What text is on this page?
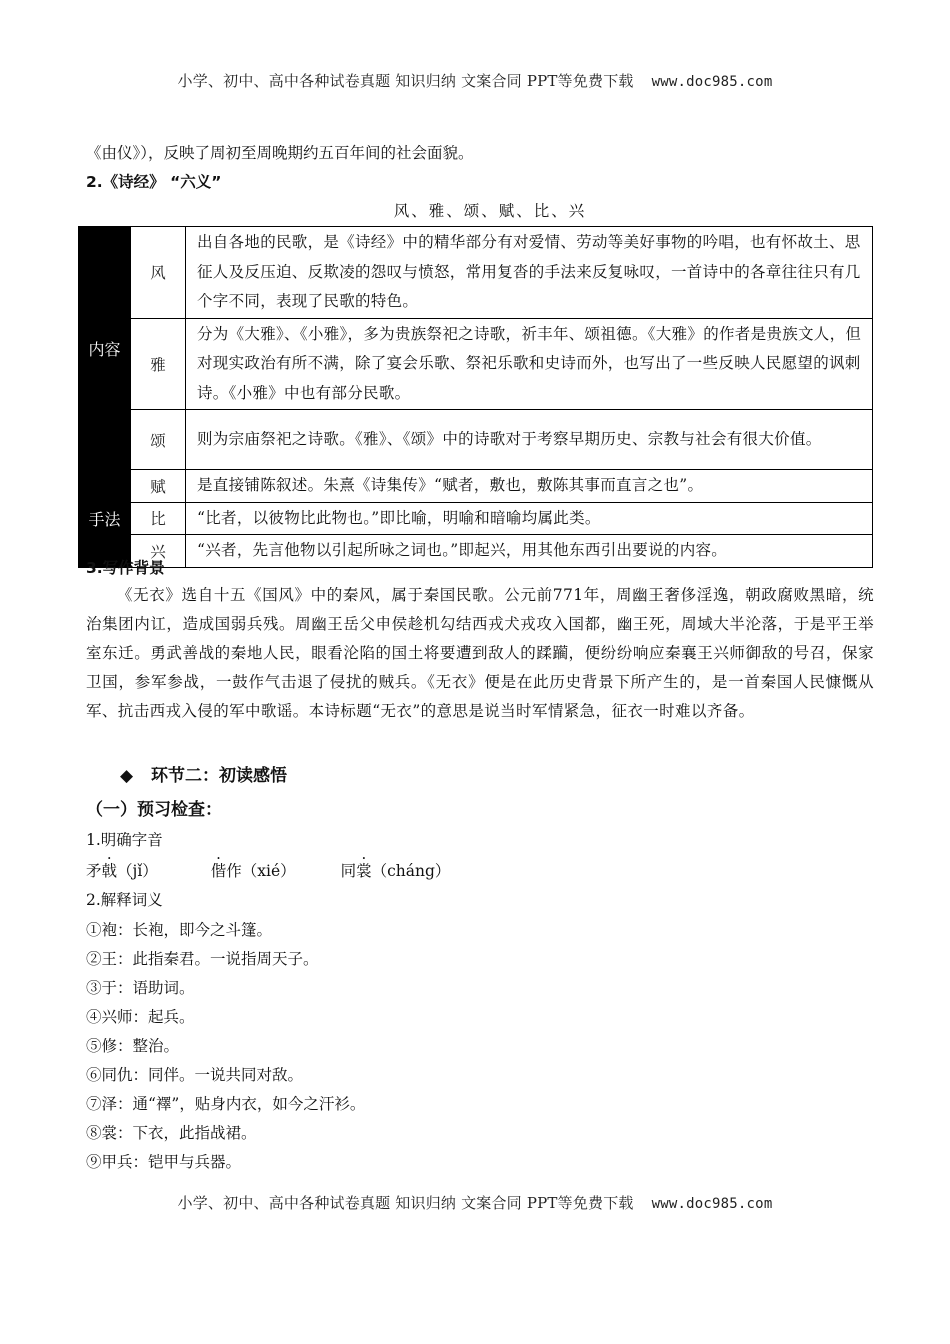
小学、初中、高中各种试卷真题 知识归纳 文案合同 PPT等免费下载 www.doc985.com
《由仪》），反映了周初至周晚期约五百年间的社会面貌。
2.《诗经》 “六义”
风、雅、颂、赋、比、兴
内容	风	出自各地的民歌，是《诗经》中的精华部分有对爱情、劳动等美好事物的吟唱，也有怀故土、思征人及反压迫、反欺凌的怨叹与愤怒，常用复沓的手法来反复咏叹，一首诗中的各章往往只有几个字不同，表现了民歌的特色。
	雅	分为《大雅》、《小雅》，多为贵族祭祀之诗歌，祈丰年、颂祖德。《大雅》的作者是贵族文人，但对现实政治有所不满，除了宴会乐歌、祭祀乐歌和史诗而外，也写出了一些反映人民愿望的讽刺诗。《小雅》中也有部分民歌。
	颂	则为宗庙祭祀之诗歌。《雅》、《颂》中的诗歌对于考察早期历史、宗教与社会有很大价值。
手法	赋	是直接铺陈叙述。朱熹《诗集传》“赋者，敷也，敷陈其事而直言之也”。
	比	“比者，以彼物比此物也。”即比喻，明喻和暗喻均属此类。
	兴	“兴者，先言他物以引起所咏之词也。”即起兴，用其他东西引出要说的内容。
3.写作背景
《无衣》选自十五《国风》中的秦风，属于秦国民歌。公元前771年，周幽王奢侈淫逸，朝政腐败黑暗，统治集团内讧，造成国弱兵残。周幽王岳父申侯趁机勾结西戎犬戎攻入国都，幽王死，周域大半沦落，于是平王举室东迁。勇武善战的秦地人民，眼看沦陷的国土将要遭到敌人的蹂躏，便纷纷响应秦襄王兴师御敌的号召，保家卫国，参军参战，一鼓作气击退了侵扰的贼兵。《无衣》便是在此历史背景下所产生的，是一首秦国人民慷慨从军、抗击西戎入侵的军中歌谣。本诗标题“无衣”的意思是说当时军情紧急，征衣一时难以齐备。
◆ 环节二：初读感悟
（一）预习检查：
1.明确字音
矛戟（jǐ）	偕作（xié）	同裳（cháng）
2.解释词义
①袍：长袍，即今之斗篷。
②王：此指秦君。一说指周天子。
③于：语助词。
④兴师：起兵。
⑤修：整治。
⑥同仇：同伴。一说共同对敌。
⑦泽：通“襗”，贴身内衣，如今之汗衫。
⑧裳：下衣，此指战裙。
⑨甲兵：铠甲与兵器。
小学、初中、高中各种试卷真题 知识归纳 文案合同 PPT等免费下载 www.doc985.com
